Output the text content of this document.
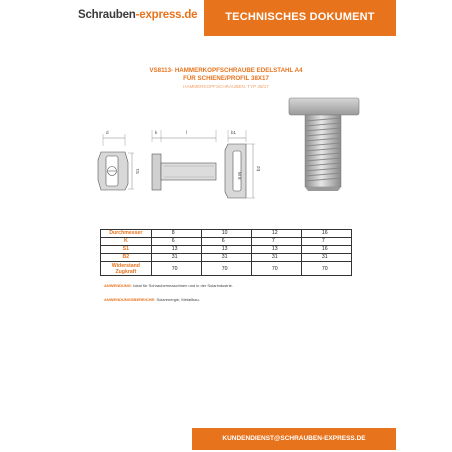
Schrauben-express.de	TECHNISCHES DOKUMENT
VS8113- HAMMERKOPFSCHRAUBE EDELSTAHL A4
FÜR SCHIENE/PROFIL 38X17
HAMMERKOPFSCHRAUBEN, TYP 38/17
d
S1
k	l	b1
M 8
b2
Durchmesser	8	10	12	16
K	6	6	7	7
S1	13	13	13	16
B2	31	31	31	31
Widerstand Zugkraft	70	70	70	70
ANWENDUNG: Ideal für Schraubenmaschinen und in der Solarindustrie.
ANWENDUNGSBEREICHE: Solarenergie, Metallbau.
KUNDENDIENST@SCHRAUBEN-EXPRESS.DE
